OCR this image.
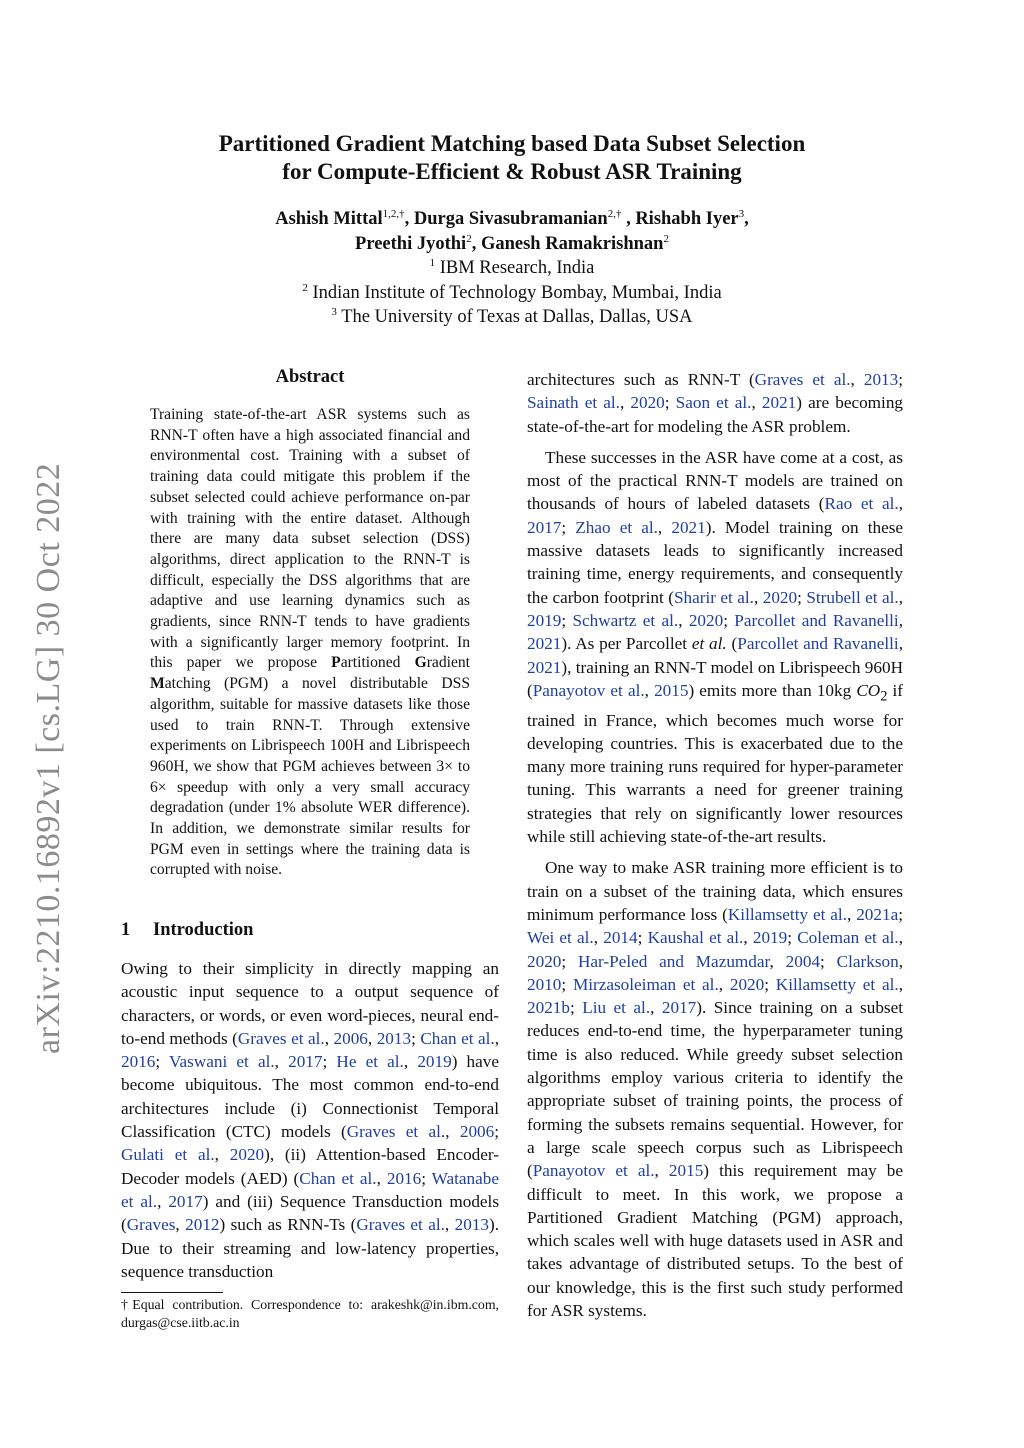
arXiv:2210.16892v1 [cs.LG] 30 Oct 2022
Partitioned Gradient Matching based Data Subset Selection
for Compute-Efficient & Robust ASR Training
Ashish Mittal$^{1,2,\dagger}$, Durga Sivasubramanian$^{2,\dagger}$ , Rishabh Iyer$^3$,
Preethi Jyothi$^2$, Ganesh Ramakrishnan$^2$
$^1$ IBM Research, India
$^2$ Indian Institute of Technology Bombay, Mumbai, India
$^3$ The University of Texas at Dallas, Dallas, USA
Abstract

Training state-of-the-art ASR systems such as RNN-T often have a high associated financial and environmental cost. Training with a subset of training data could mitigate this problem if the subset selected could achieve performance on-par with training with the entire dataset. Although there are many data subset selection (DSS) algorithms, direct application to the RNN-T is difficult, especially the DSS algorithms that are adaptive and use learning dynamics such as gradients, since RNN-T tends to have gradients with a significantly larger memory footprint. In this paper we propose Partitioned Gradient Matching (PGM) a novel distributable DSS algorithm, suitable for massive datasets like those used to train RNN-T. Through extensive experiments on Librispeech 100H and Librispeech 960H, we show that PGM achieves between 3× to 6× speedup with only a very small accuracy degradation (under 1% absolute WER difference). In addition, we demonstrate similar results for PGM even in settings where the training data is corrupted with noise.

1 Introduction

Owing to their simplicity in directly mapping an acoustic input sequence to a output sequence of characters, or words, or even word-pieces, neural end-to-end methods (Graves et al., 2006, 2013; Chan et al., 2016; Vaswani et al., 2017; He et al., 2019) have become ubiquitous. The most common end-to-end architectures include (i) Connectionist Temporal Classification (CTC) models (Graves et al., 2006; Gulati et al., 2020), (ii) Attention-based Encoder-Decoder models (AED) (Chan et al., 2016; Watanabe et al., 2017) and (iii) Sequence Transduction models (Graves, 2012) such as RNN-Ts (Graves et al., 2013). Due to their streaming and low-latency properties, sequence transduction

†Equal contribution. Correspondence to: arakeshk@in.ibm.com, durgas@cse.iitb.ac.in

architectures such as RNN-T (Graves et al., 2013; Sainath et al., 2020; Saon et al., 2021) are becoming state-of-the-art for modeling the ASR problem.

These successes in the ASR have come at a cost, as most of the practical RNN-T models are trained on thousands of hours of labeled datasets (Rao et al., 2017; Zhao et al., 2021). Model training on these massive datasets leads to significantly increased training time, energy requirements, and consequently the carbon footprint (Sharir et al., 2020; Strubell et al., 2019; Schwartz et al., 2020; Parcollet and Ravanelli, 2021). As per Parcollet et al. (Parcollet and Ravanelli, 2021), training an RNN-T model on Librispeech 960H (Panayotov et al., 2015) emits more than 10kg $CO_2$ if trained in France, which becomes much worse for developing countries. This is exacerbated due to the many more training runs required for hyper-parameter tuning. This warrants a need for greener training strategies that rely on significantly lower resources while still achieving state-of-the-art results.

One way to make ASR training more efficient is to train on a subset of the training data, which ensures minimum performance loss (Killamsetty et al., 2021a; Wei et al., 2014; Kaushal et al., 2019; Coleman et al., 2020; Har-Peled and Mazumdar, 2004; Clarkson, 2010; Mirzasoleiman et al., 2020; Killamsetty et al., 2021b; Liu et al., 2017). Since training on a subset reduces end-to-end time, the hyperparameter tuning time is also reduced. While greedy subset selection algorithms employ various criteria to identify the appropriate subset of training points, the process of forming the subsets remains sequential. However, for a large scale speech corpus such as Librispeech (Panayotov et al., 2015) this requirement may be difficult to meet. In this work, we propose a Partitioned Gradient Matching (PGM) approach, which scales well with huge datasets used in ASR and takes advantage of distributed setups. To the best of our knowledge, this is the first such study performed for ASR systems.
